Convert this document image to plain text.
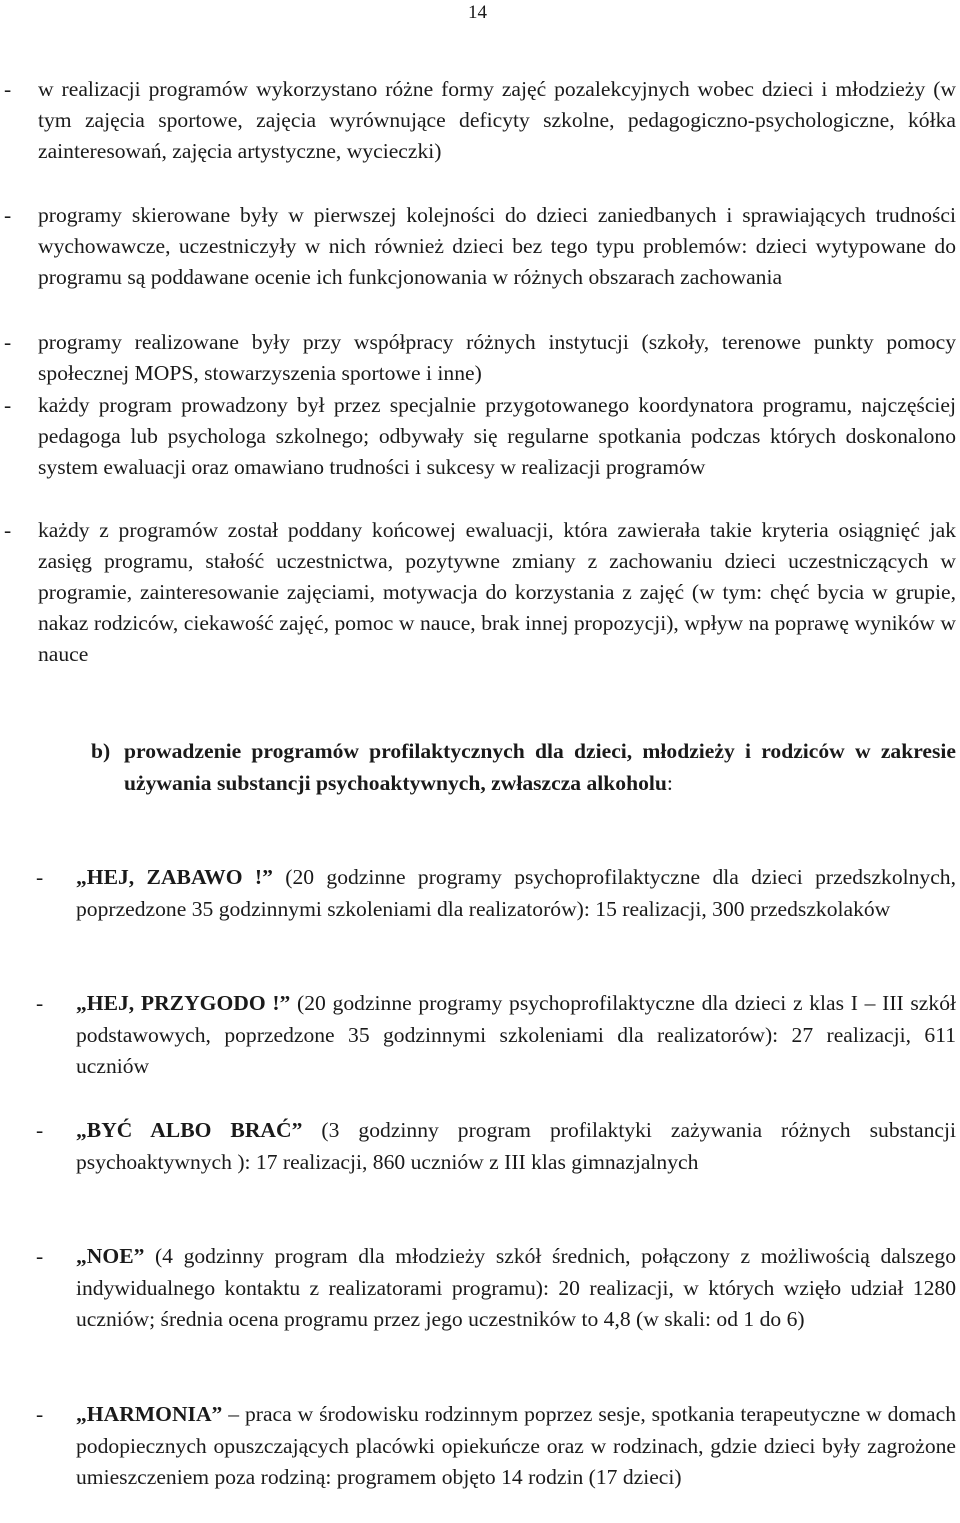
14
- w realizacji programów wykorzystano różne formy zajęć pozalekcyjnych wobec dzieci i młodzieży (w tym zajęcia sportowe, zajęcia wyrównujące deficyty szkolne, pedagogiczno-psychologiczne, kółka zainteresowań, zajęcia artystyczne, wycieczki)
- programy skierowane były w pierwszej kolejności do dzieci zaniedbanych i sprawiających trudności wychowawcze, uczestniczyły w nich również dzieci bez tego typu problemów: dzieci wytypowane do programu są poddawane ocenie ich funkcjonowania w różnych obszarach zachowania
- programy realizowane były przy współpracy różnych instytucji (szkoły, terenowe punkty pomocy społecznej MOPS, stowarzyszenia sportowe i inne)
- każdy program prowadzony był przez specjalnie przygotowanego koordynatora programu, najczęściej pedagoga lub psychologa szkolnego; odbywały się regularne spotkania podczas których doskonalono system ewaluacji oraz omawiano trudności i sukcesy w realizacji programów
- każdy z programów został poddany końcowej ewaluacji, która zawierała takie kryteria osiągnięć jak zasięg programu, stałość uczestnictwa, pozytywne zmiany z zachowaniu dzieci uczestniczących w programie, zainteresowanie zajęciami, motywacja do korzystania z zajęć (w tym: chęć bycia w grupie, nakaz rodziców, ciekawość zajęć, pomoc w nauce, brak innej propozycji), wpływ na poprawę wyników w nauce
b) prowadzenie programów profilaktycznych dla dzieci, młodzieży i rodziców w zakresie używania substancji psychoaktywnych, zwłaszcza alkoholu:
- „HEJ, ZABAWO !” (20 godzinne programy psychoprofilaktyczne dla dzieci przedszkolnych, poprzedzone 35 godzinnymi szkoleniami dla realizatorów): 15 realizacji, 300 przedszkolaków
- „HEJ, PRZYGODO !” (20 godzinne programy psychoprofilaktyczne dla dzieci z klas I – III szkół podstawowych, poprzedzone 35 godzinnymi szkoleniami dla realizatorów): 27 realizacji, 611 uczniów
- „BYĆ ALBO BRAĆ” (3 godzinny program profilaktyki zażywania różnych substancji psychoaktywnych ): 17 realizacji, 860 uczniów z III klas gimnazjalnych
- „NOE” (4 godzinny program dla młodzieży szkół średnich, połączony z możliwością dalszego indywidualnego kontaktu z realizatorami programu): 20 realizacji, w których wzięło udział 1280 uczniów; średnia ocena programu przez jego uczestników to 4,8 (w skali: od 1 do 6)
- „HARMONIA” – praca w środowisku rodzinnym poprzez sesje, spotkania terapeutyczne w domach podopiecznych opuszczających placówki opiekuńcze oraz w rodzinach, gdzie dzieci były zagrożone umieszczeniem poza rodziną: programem objęto 14 rodzin (17 dzieci)
